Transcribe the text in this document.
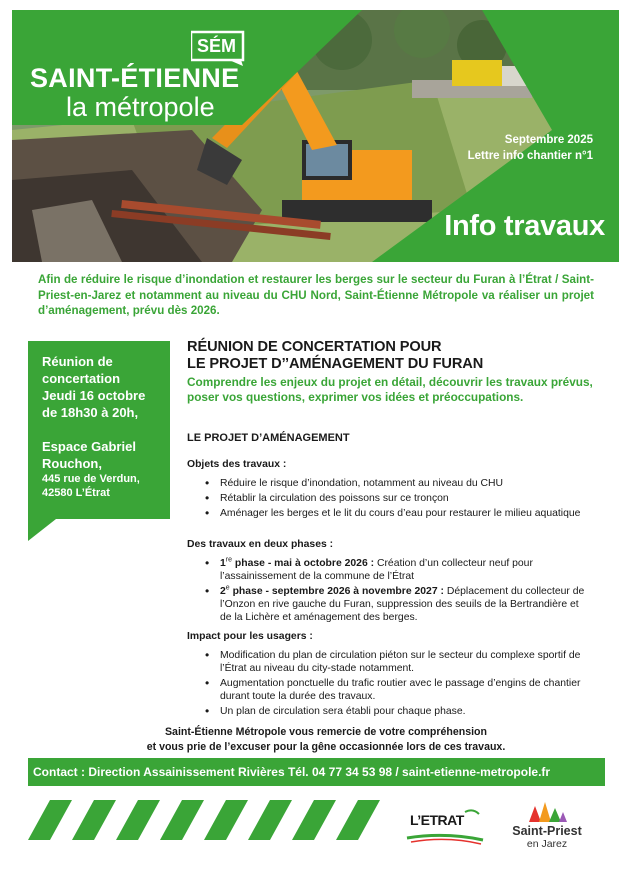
SÉM
SAINT-ÉTIENNE
la métropole
Septembre 2025
Lettre info chantier n°1
Info travaux

Afin de réduire le risque d’inondation et restaurer les berges sur le secteur du Furan à l’Étrat / Saint-Priest-en-Jarez et notamment au niveau du CHU Nord, Saint-Étienne Métropole va réaliser un projet d’aménagement, prévu dès 2026.

Réunion de
concertation
Jeudi 16 octobre
de 18h30 à 20h,
Espace Gabriel
Rouchon,
445 rue de Verdun,
42580 L’Étrat
RÉUNION DE CONCERTATION POUR
LE PROJET D’’AMÉNAGEMENT DU FURAN
Comprendre les enjeux du projet en détail, découvrir les travaux prévus, poser vos questions, exprimer vos idées et préoccupations.
LE PROJET D’AMÉNAGEMENT
Objets des travaux :
• Réduire le risque d’inondation, notamment au niveau du CHU
• Rétablir la circulation des poissons sur ce tronçon
• Aménager les berges et le lit du cours d’eau pour restaurer le milieu aquatique
Des travaux en deux phases :
• 1re phase - mai à octobre 2026 : Création d’un collecteur neuf pour l’assainissement de la commune de l’Étrat
• 2e phase - septembre 2026 à novembre 2027 : Déplacement du collecteur de l’Onzon en rive gauche du Furan, suppression des seuils de la Bertrandière et de la Lichère et aménagement des berges.
Impact pour les usagers :
• Modification du plan de circulation piéton sur le secteur du complexe sportif de l’Étrat au niveau du city-stade notamment.
• Augmentation ponctuelle du trafic routier avec le passage d’engins de chantier durant toute la durée des travaux.
• Un plan de circulation sera établi pour chaque phase.
Saint-Étienne Métropole vous remercie de votre compréhension
et vous prie de l’excuser pour la gêne occasionnée lors de ces travaux.
Contact : Direction Assainissement Rivières Tél. 04 77 34 53 98 / saint-etienne-metropole.fr
L’ETRAT
Saint-Priest
en Jarez
